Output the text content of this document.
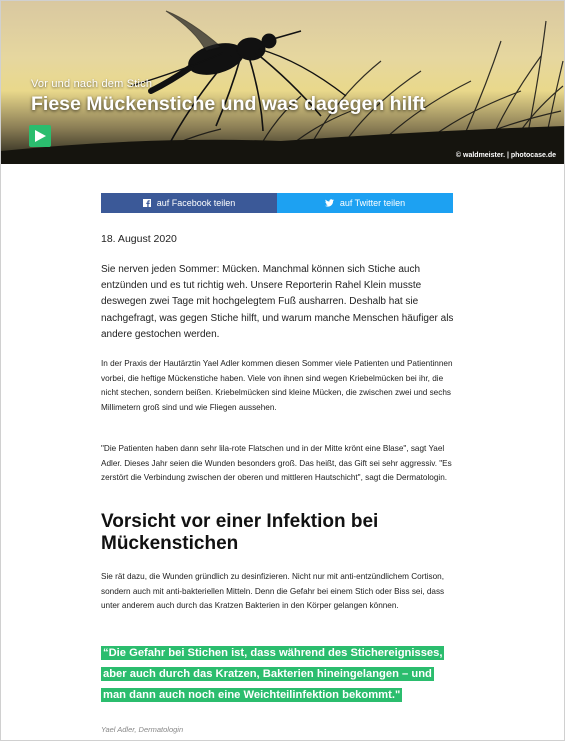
Vor und nach dem Stich
Fiese Mückenstiche und was dagegen hilft
© waldmeister. | photocase.de
auf Facebook teilen	auf Twitter teilen
18. August 2020
Sie nerven jeden Sommer: Mücken. Manchmal können sich Stiche auch entzünden und es tut richtig weh. Unsere Reporterin Rahel Klein musste deswegen zwei Tage mit hochgelegtem Fuß ausharren. Deshalb hat sie nachgefragt, was gegen Stiche hilft, und warum manche Menschen häufiger als andere gestochen werden.
In der Praxis der Hautärztin Yael Adler kommen diesen Sommer viele Patienten und Patientinnen vorbei, die heftige Mückenstiche haben. Viele von ihnen sind wegen Kriebelmücken bei ihr, die nicht stechen, sondern beißen. Kriebelmücken sind kleine Mücken, die zwischen zwei und sechs Millimetern groß sind und wie Fliegen aussehen.
"Die Patienten haben dann sehr lila-rote Flatschen und in der Mitte krönt eine Blase", sagt Yael Adler. Dieses Jahr seien die Wunden besonders groß. Das heißt, das Gift sei sehr aggressiv. "Es zerstört die Verbindung zwischen der oberen und mittleren Hautschicht", sagt die Dermatologin.
Vorsicht vor einer Infektion bei Mückenstichen
Sie rät dazu, die Wunden gründlich zu desinfizieren. Nicht nur mit anti-entzündlichem Cortison, sondern auch mit anti-bakteriellen Mitteln. Denn die Gefahr bei einem Stich oder Biss sei, dass unter anderem auch durch das Kratzen Bakterien in den Körper gelangen können.
“Die Gefahr bei Stichen ist, dass während des Stichereignisses, aber auch durch das Kratzen, Bakterien hineingelangen – und man dann auch noch eine Weichteilinfektion bekommt."
Yael Adler, Dermatologin
